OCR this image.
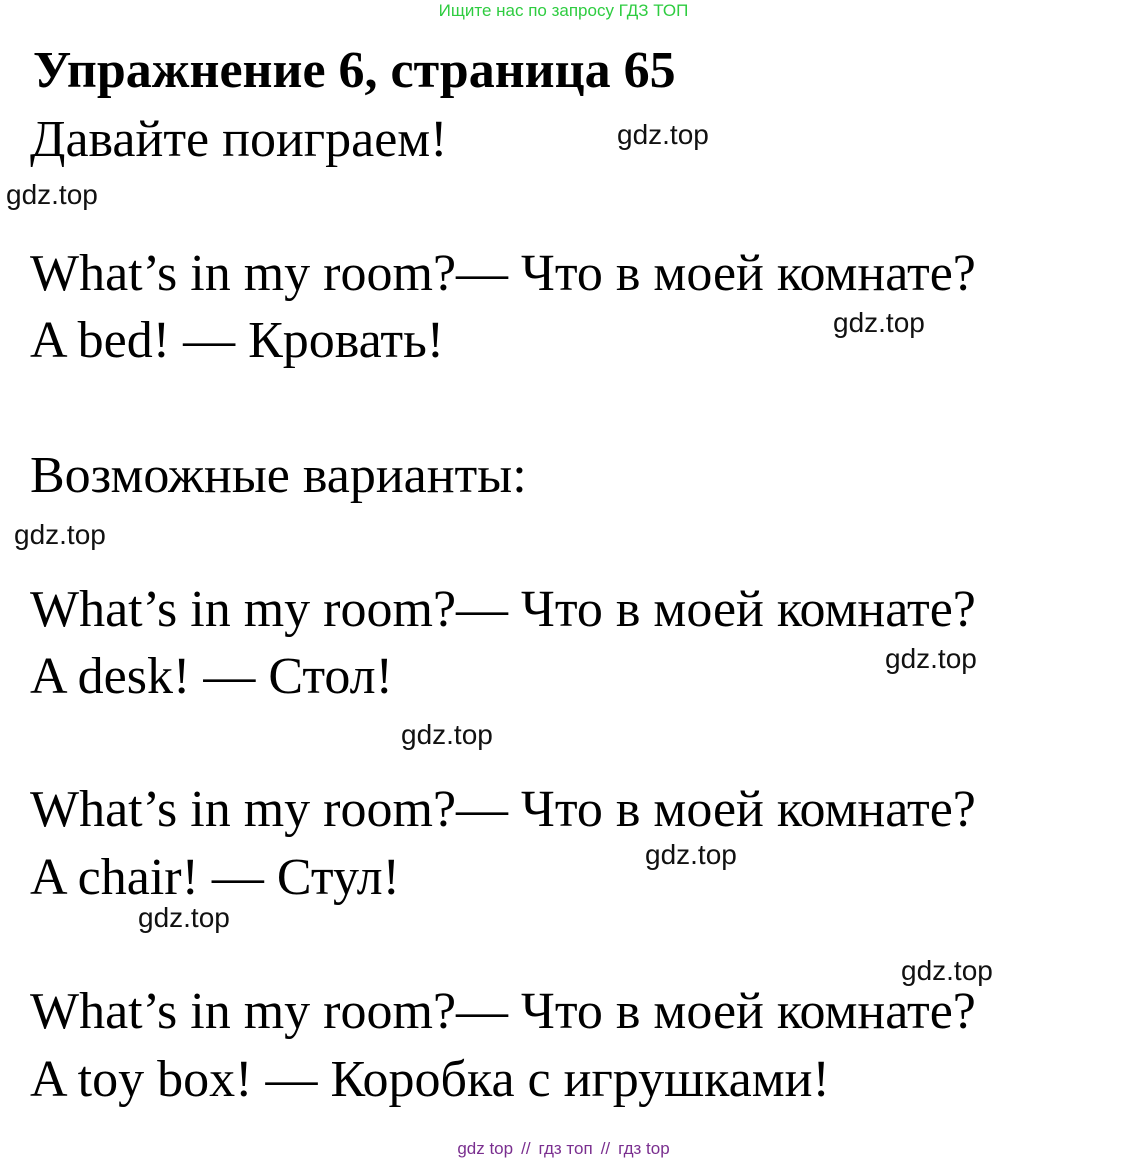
Ищите нас по запросу ГДЗ ТОП
Упражнение 6, страница 65
Давайте поиграем!
What’s in my room?— Что в моей комнате?
A bed! — Кровать!
Возможные варианты:
What’s in my room?— Что в моей комнате?
A desk! — Стол!
What’s in my room?— Что в моей комнате?
A chair! — Стул!
What’s in my room?— Что в моей комнате?
A toy box! — Коробка с игрушками!
gdz.top
gdz.top
gdz.top
gdz.top
gdz.top
gdz.top
gdz.top
gdz.top
gdz.top
gdz top // гдз топ // гдз top
